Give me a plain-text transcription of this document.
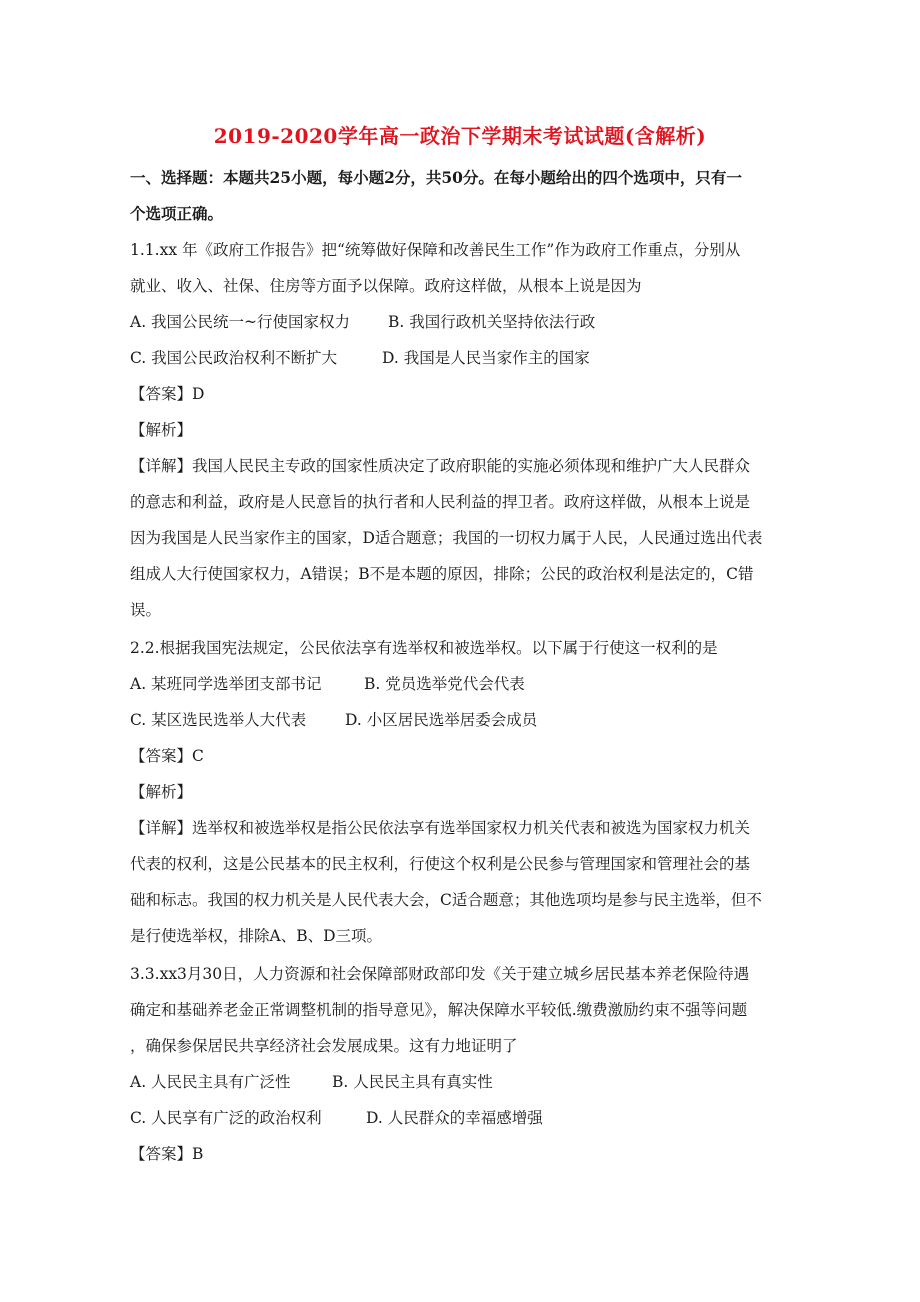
2019-2020学年高一政治下学期末考试试题(含解析)
一、选择题：本题共25小题，每小题2分，共50分。在每小题给出的四个选项中，只有一
个选项正确。
1.1.xx 年《政府工作报告》把“统筹做好保障和改善民生工作”作为政府工作重点，分别从
就业、收入、社保、住房等方面予以保障。政府这样做，从根本上说是因为
A. 我国公民统一~行使国家权力 B. 我国行政机关坚持依法行政
C. 我国公民政治权利不断扩大	D. 我国是人民当家作主的国家
【答案】D
【解析】
【详解】我国人民民主专政的国家性质决定了政府职能的实施必须体现和维护广大人民群众
的意志和利益，政府是人民意旨的执行者和人民利益的捍卫者。政府这样做，从根本上说是
因为我国是人民当家作主的国家，D适合题意；我国的一切权力属于人民，人民通过选出代表
组成人大行使国家权力，A错误；B不是本题的原因，排除；公民的政治权利是法定的，C错
误。
2.2.根据我国宪法规定，公民依法享有选举权和被选举权。以下属于行使这一权利的是
A. 某班同学选举团支部书记	B. 党员选举党代会代表
C. 某区选民选举人大代表	D. 小区居民选举居委会成员
【答案】C
【解析】
【详解】选举权和被选举权是指公民依法享有选举国家权力机关代表和被选为国家权力机关
代表的权利，这是公民基本的民主权利，行使这个权利是公民参与管理国家和管理社会的基
础和标志。我国的权力机关是人民代表大会，C适合题意；其他选项均是参与民主选举，但不
是行使选举权，排除A、B、D三项。
3.3.xx3月30日，人力资源和社会保障部财政部印发《关于建立城乡居民基本养老保险待遇
确定和基础养老金正常调整机制的指导意见》，解决保障水平较低.缴费激励约束不强等问题
，确保参保居民共享经济社会发展成果。这有力地证明了
A. 人民民主具有广泛性	B. 人民民主具有真实性
C. 人民享有广泛的政治权利	D. 人民群众的幸福感增强
【答案】B
